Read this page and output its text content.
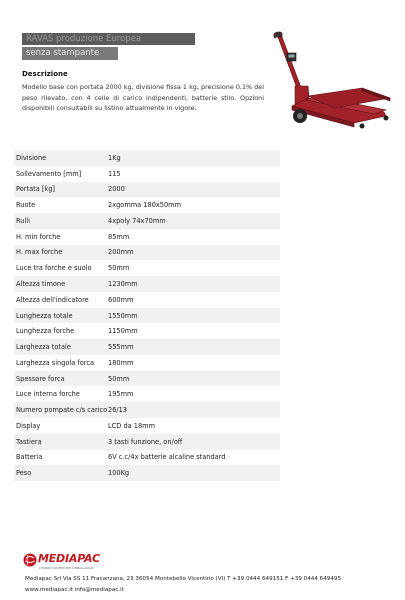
RAVAS produzione Europea
senza stampante
Descrizione
Modello base con portata 2000 kg, divisione fissa 1 kg, precisione 0,1% del peso rilevato, con 4 celle di carico indipendenti, batterie stilo. Opzioni disponibili consultabili su listino attualmente in vigore.
Divisione	1Kg
Sollevamento [mm]	115
Portata [kg]	2000
Ruote	2xgomma 180x50mm
Rulli	4xpoly 74x70mm
H. min forche	85mm
H. max forche	200mm
Luce tra forche e suolo	50mm
Altezza timone	1230mm
Altezza dell'indicatore	600mm
Lunghezza totale	1550mm
Lunghezza forche	1150mm
Larghezza totale	555mm
Larghezza singola forca	180mm
Spessore forca	50mm
Luce interna forche	195mm
Numero pompate c/s carico	26/13
Display	LCD da 18mm
Tastiera	3 tasti funzione, on/off
Batteria	6V c.c/4x batterie alcaline standard
Peso	100Kg
MEDIAPAC
L'ELENCO SISTEMI PER L'IMBALLAGGIO
Mediapac Srl Via SS 11 Fracanzana, 23 36054 Montebello Vicentino (VI) T +39 0444 649151 F +39 0444 649495
www.mediapac.it info@mediapac.it
